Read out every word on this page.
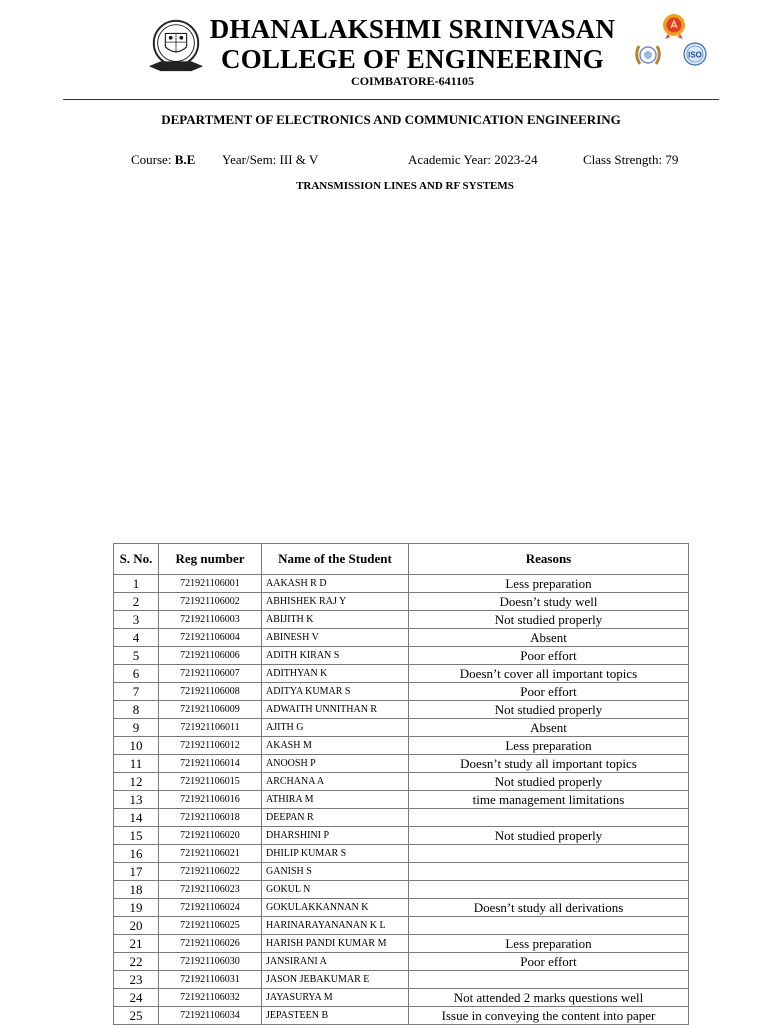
DHANALAKSHMI SRINIVASAN
COLLEGE OF ENGINEERING
COIMBATORE-641105
ISO
DEPARTMENT OF ELECTRONICS AND COMMUNICATION ENGINEERING
Course: B.E Year/Sem: III & V	Academic Year: 2023-24	Class Strength: 79
TRANSMISSION LINES AND RF SYSTEMS
S. No.	Reg number	Name of the Student	Reasons
1	721921106001	AAKASH R D	Less preparation
2	721921106002	ABHISHEK RAJ Y	Doesn’t study well
3	721921106003	ABIJITH K	Not studied properly
4	721921106004	ABINESH V	Absent
5	721921106006	ADITH KIRAN S	Poor effort
6	721921106007	ADITHYAN K	Doesn’t cover all important topics
7	721921106008	ADITYA KUMAR S	Poor effort
8	721921106009	ADWAITH UNNITHAN R	Not studied properly
9	721921106011	AJITH G	Absent
10	721921106012	AKASH M	Less preparation
11	721921106014	ANOOSH P	Doesn’t study all important topics
12	721921106015	ARCHANA A	Not studied properly
13	721921106016	ATHIRA M	time management limitations
14	721921106018	DEEPAN R	
15	721921106020	DHARSHINI P	Not studied properly
16	721921106021	DHILIP KUMAR S	
17	721921106022	GANISH S	
18	721921106023	GOKUL N	
19	721921106024	GOKULAKKANNAN K	Doesn’t study all derivations
20	721921106025	HARINARAYANANAN K L	
21	721921106026	HARISH PANDI KUMAR M	Less preparation
22	721921106030	JANSIRANI A	Poor effort
23	721921106031	JASON JEBAKUMAR E	
24	721921106032	JAYASURYA M	Not attended 2 marks questions well
25	721921106034	JEPASTEEN B	Issue in conveying the content into paper
